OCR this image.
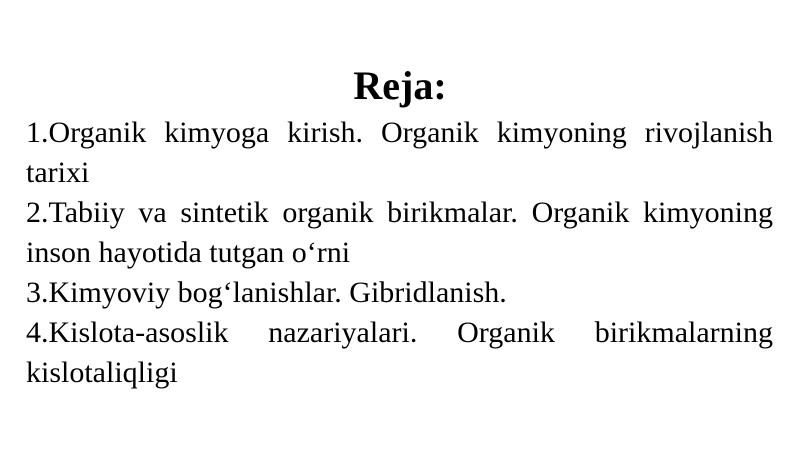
Reja:
1.Organik kimyoga kirish. Organik kimyoning rivojlanish tarixi
2.Tabiiy va sintetik organik birikmalar. Organik kimyoning inson hayotida tutgan o‘rni
3.Kimyoviy bog‘lanishlar. Gibridlanish.
4.Kislota-asoslik nazariyalari. Organik birikmalarning kislotaliqligi
